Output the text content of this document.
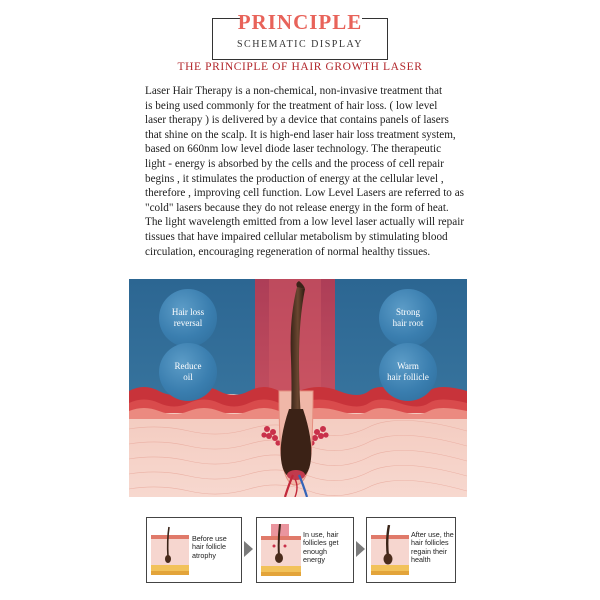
PRINCIPLE
SCHEMATIC DISPLAY
THE PRINCIPLE OF HAIR GROWTH LASER
Laser Hair Therapy is a non-chemical, non-invasive treatment that
is being used commonly for the treatment of hair loss. ( low level
laser therapy ) is delivered by a device that contains panels of lasers
that shine on the scalp. It is high-end laser hair loss treatment system,
based on 660nm low level diode laser technology. The therapeutic
light - energy is absorbed by the cells and the process of cell repair
begins , it stimulates the production of energy at the cellular level ,
therefore , improving cell function. Low Level Lasers are referred to as
"cold" lasers because they do not release energy in the form of heat.
The light wavelength emitted from a low level laser actually will repair
tissues that have impaired cellular metabolism by stimulating blood
circulation, encouraging regeneration of normal healthy tissues.
Hair loss
reversal
Strong
hair root
Reduce
oil
Warm
hair follicle
Before use
hair follicle
atrophy
In use, hair
follicles get
enough
energy
After use, the
hair follicles
regain their
health
